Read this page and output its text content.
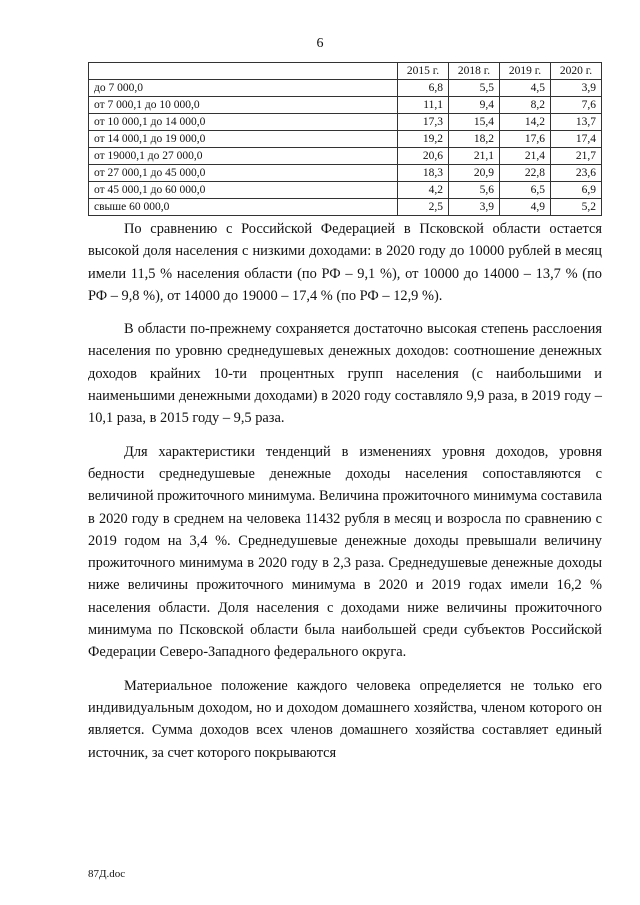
6
	2015 г.	2018 г.	2019 г.	2020 г.
до 7 000,0	6,8	5,5	4,5	3,9
от 7 000,1 до 10 000,0	11,1	9,4	8,2	7,6
от 10 000,1 до 14 000,0	17,3	15,4	14,2	13,7
от 14 000,1 до 19 000,0	19,2	18,2	17,6	17,4
от 19000,1 до 27 000,0	20,6	21,1	21,4	21,7
от 27 000,1 до 45 000,0	18,3	20,9	22,8	23,6
от 45 000,1 до 60 000,0	4,2	5,6	6,5	6,9
свыше 60 000,0	2,5	3,9	4,9	5,2

По сравнению с Российской Федерацией в Псковской области остается высокой доля населения с низкими доходами: в 2020 году до 10000 рублей в месяц имели 11,5 % населения области (по РФ – 9,1 %), от 10000 до 14000 – 13,7 % (по РФ – 9,8 %), от 14000 до 19000 – 17,4 % (по РФ – 12,9 %).

В области по-прежнему сохраняется достаточно высокая степень расслоения населения по уровню среднедушевых денежных доходов: соотношение денежных доходов крайних 10-ти процентных групп населения (с наибольшими и наименьшими денежными доходами) в 2020 году составляло 9,9 раза, в 2019 году – 10,1 раза, в 2015 году – 9,5 раза.

Для характеристики тенденций в изменениях уровня доходов, уровня бедности среднедушевые денежные доходы населения сопоставляются с величиной прожиточного минимума. Величина прожиточного минимума составила в 2020 году в среднем на человека 11432 рубля в месяц и возросла по сравнению с 2019 годом на 3,4 %. Среднедушевые денежные доходы превышали величину прожиточного минимума в 2020 году в 2,3 раза. Среднедушевые денежные доходы ниже величины прожиточного минимума в 2020 и 2019 годах имели 16,2 % населения области. Доля населения с доходами ниже величины прожиточного минимума по Псковской области была наибольшей среди субъектов Российской Федерации Северо-Западного федерального округа.

Материальное положение каждого человека определяется не только его индивидуальным доходом, но и доходом домашнего хозяйства, членом которого он является. Сумма доходов всех членов домашнего хозяйства составляет единый источник, за счет которого покрываются

87Д.doc
